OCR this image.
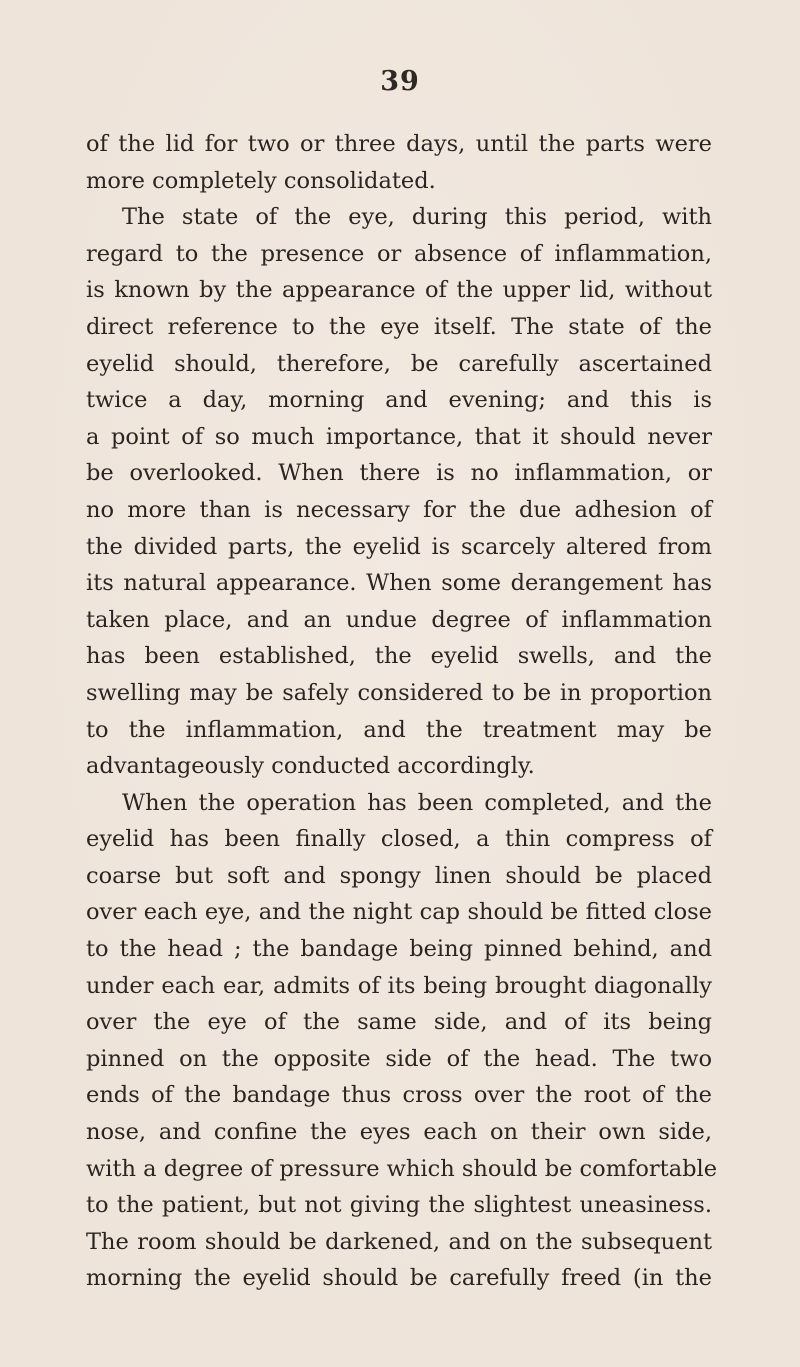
39
of the lid for two or three days, until the parts were
more completely consolidated.
The state of the eye, during this period, with
regard to the presence or absence of inflammation,
is known by the appearance of the upper lid, without
direct reference to the eye itself. The state of the
eyelid should, therefore, be carefully ascertained
twice a day, morning and evening; and this is
a point of so much importance, that it should never
be overlooked. When there is no inflammation, or
no more than is necessary for the due adhesion of
the divided parts, the eyelid is scarcely altered from
its natural appearance. When some derangement has
taken place, and an undue degree of inflammation
has been established, the eyelid swells, and the
swelling may be safely considered to be in proportion
to the inflammation, and the treatment may be
advantageously conducted accordingly.
When the operation has been completed, and the
eyelid has been finally closed, a thin compress of
coarse but soft and spongy linen should be placed
over each eye, and the night cap should be fitted close
to the head ; the bandage being pinned behind, and
under each ear, admits of its being brought diagonally
over the eye of the same side, and of its being
pinned on the opposite side of the head. The two
ends of the bandage thus cross over the root of the
nose, and confine the eyes each on their own side,
with a degree of pressure which should be comfortable
to the patient, but not giving the slightest uneasiness.
The room should be darkened, and on the subsequent
morning the eyelid should be carefully freed (in the
